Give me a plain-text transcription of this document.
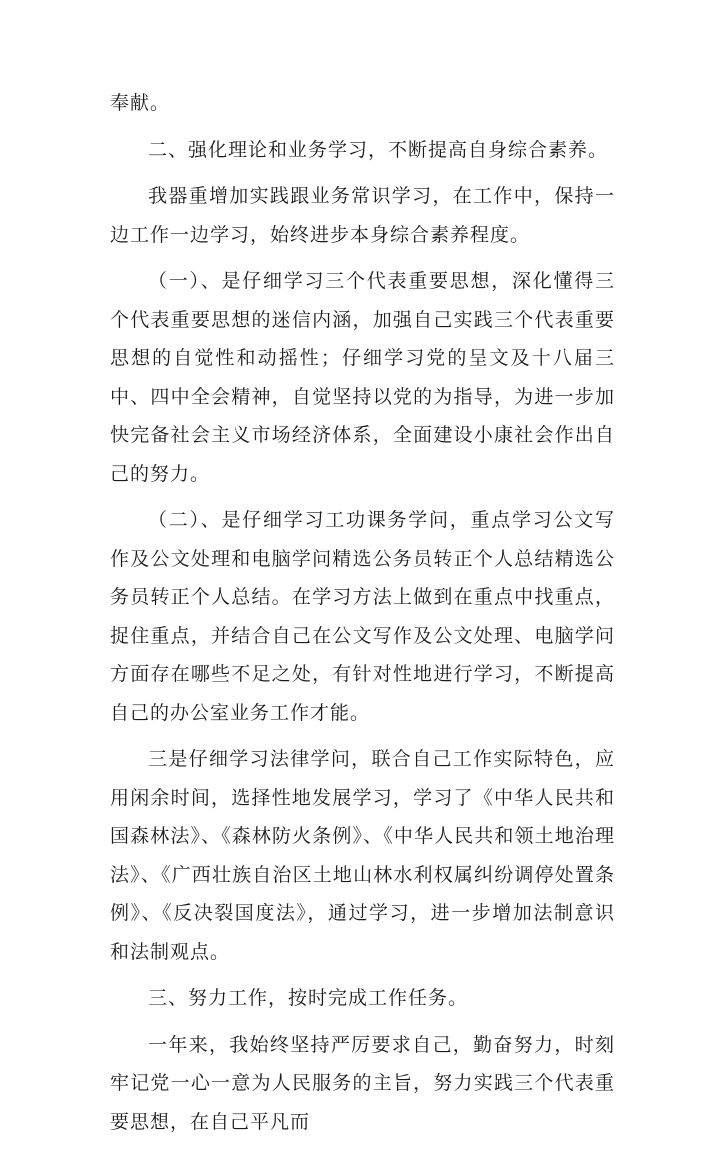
奉献。

二、强化理论和业务学习，不断提高自身综合素养。

我器重增加实践跟业务常识学习，在工作中，保持一边工作一边学习，始终进步本身综合素养程度。

（一）、是仔细学习三个代表重要思想，深化懂得三个代表重要思想的迷信内涵，加强自己实践三个代表重要思想的自觉性和动摇性；仔细学习党的呈文及十八届三中、四中全会精神，自觉坚持以党的为指导，为进一步加快完备社会主义市场经济体系，全面建设小康社会作出自己的努力。

（二）、是仔细学习工功课务学问，重点学习公文写作及公文处理和电脑学问精选公务员转正个人总结精选公务员转正个人总结。在学习方法上做到在重点中找重点，捉住重点，并结合自己在公文写作及公文处理、电脑学问方面存在哪些不足之处，有针对性地进行学习，不断提高自己的办公室业务工作才能。

三是仔细学习法律学问，联合自己工作实际特色，应用闲余时间，选择性地发展学习，学习了《中华人民共和国森林法》、《森林防火条例》、《中华人民共和领土地治理法》、《广西壮族自治区土地山林水利权属纠纷调停处置条例》、《反决裂国度法》，通过学习，进一步增加法制意识和法制观点。

三、努力工作，按时完成工作任务。

一年来，我始终坚持严厉要求自己，勤奋努力，时刻牢记党一心一意为人民服务的主旨，努力实践三个代表重要思想，在自己平凡而
